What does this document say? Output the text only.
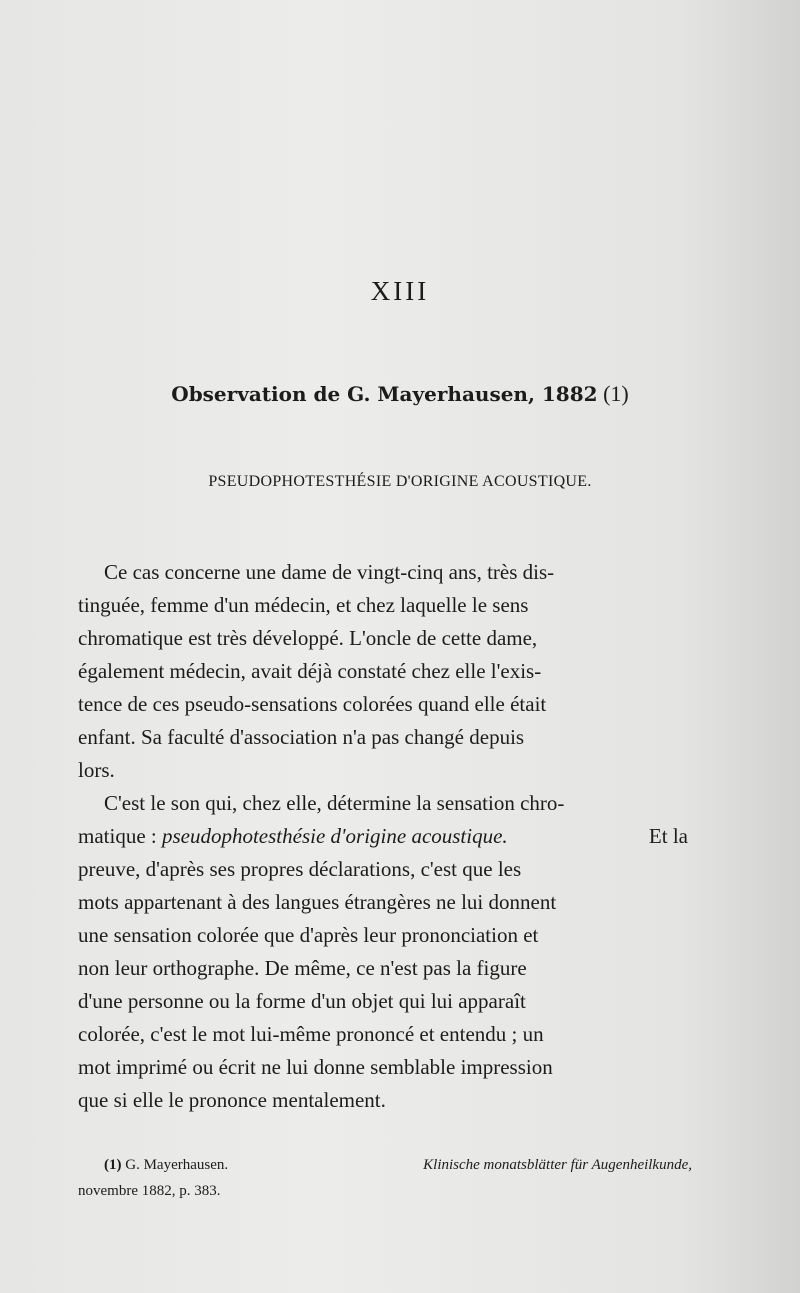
XIII
Observation de G. Mayerhausen, 1882 (1)
PSEUDOPHOTESTHÉSIE D'ORIGINE ACOUSTIQUE.
Ce cas concerne une dame de vingt-cinq ans, très dis-
tinguée, femme d'un médecin, et chez laquelle le sens
chromatique est très développé. L'oncle de cette dame,
également médecin, avait déjà constaté chez elle l'exis-
tence de ces pseudo-sensations colorées quand elle était
enfant. Sa faculté d'association n'a pas changé depuis
lors.
C'est le son qui, chez elle, détermine la sensation chro-
matique : pseudophotesthésie d'origine acoustique.	Et la
preuve, d'après ses propres déclarations, c'est que les
mots appartenant à des langues étrangères ne lui donnent
une sensation colorée que d'après leur prononciation et
non leur orthographe. De même, ce n'est pas la figure
d'une personne ou la forme d'un objet qui lui apparaît
colorée, c'est le mot lui-même prononcé et entendu ; un
mot imprimé ou écrit ne lui donne semblable impression
que si elle le prononce mentalement.
(1) G. Mayerhausen.	Klinische monatsblätter für Augenheilkunde,
novembre 1882, p. 383.
